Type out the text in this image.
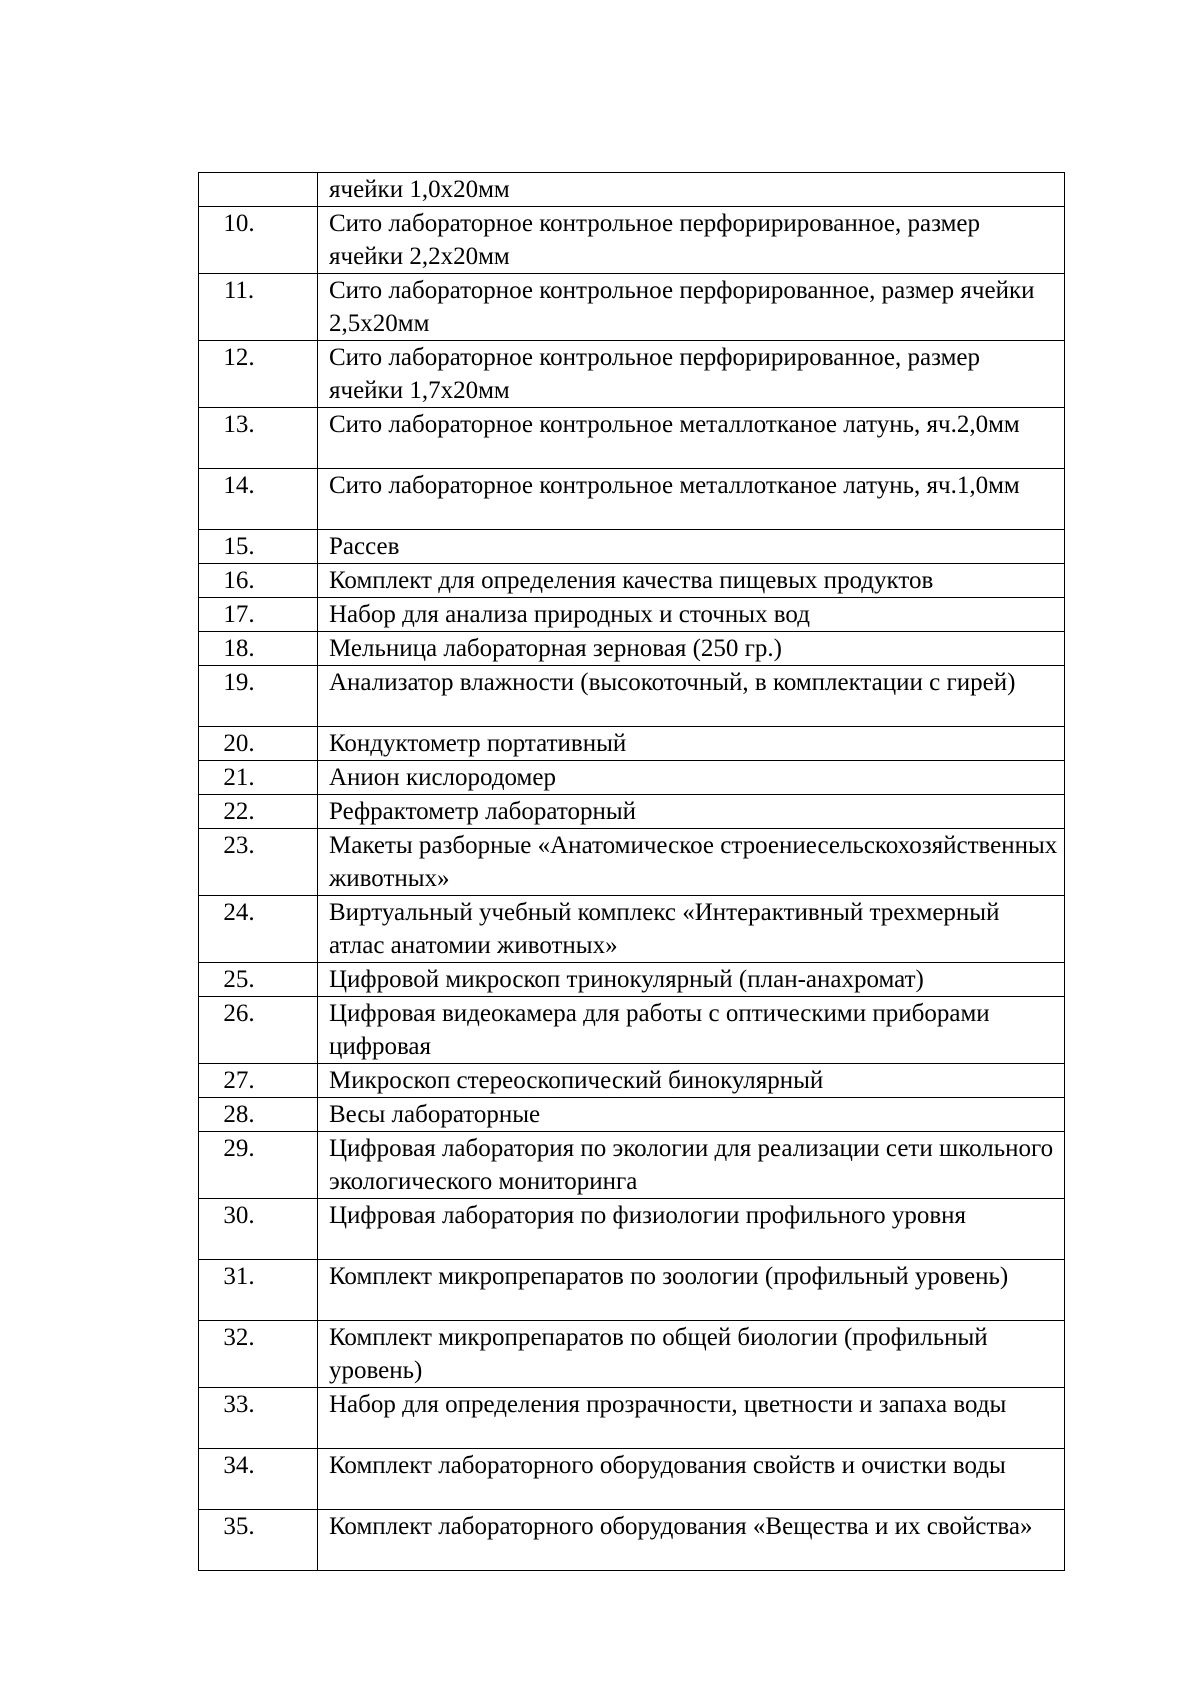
	ячейки 1,0х20мм

10.	Сито лабораторное контрольное перфорирированное, размер ячейки 2,2х20мм

11.	Сито лабораторное контрольное перфорированное, размер ячейки 2,5х20мм

12.	Сито лабораторное контрольное перфорирированное, размер ячейки 1,7х20мм

13.	Сито лабораторное контрольное металлотканое латунь, яч.2,0мм

14.	Сито лабораторное контрольное металлотканое латунь, яч.1,0мм

15.	Рассев

16.	Комплект для определения качества пищевых продуктов

17.	Набор для анализа природных и сточных вод

18.	Мельница лабораторная зерновая (250 гр.)

19.	Анализатор влажности (высокоточный, в комплектации с гирей)

20.	Кондуктометр портативный

21.	Анион кислородомер

22.	Рефрактометр лабораторный

23.	Макеты разборные «Анатомическое строениесельскохозяйственных животных»

24.	Виртуальный учебный комплекс «Интерактивный трехмерный атлас анатомии животных»

25.	Цифровой микроскоп тринокулярный (план-анахромат)

26.	Цифровая видеокамера для работы с оптическими приборами цифровая

27.	Микроскоп стереоскопический бинокулярный

28.	Весы лабораторные

29.	Цифровая лаборатория по экологии для реализации сети школьного экологического мониторинга

30.	Цифровая лаборатория по физиологии профильного уровня

31.	Комплект микропрепаратов по зоологии (профильный уровень)

32.	Комплект микропрепаратов по общей биологии (профильный уровень)

33.	Набор для определения прозрачности, цветности и запаха воды

34.	Комплект лабораторного оборудования свойств и очистки воды

35.	Комплект лабораторного оборудования «Вещества и их свойства»
